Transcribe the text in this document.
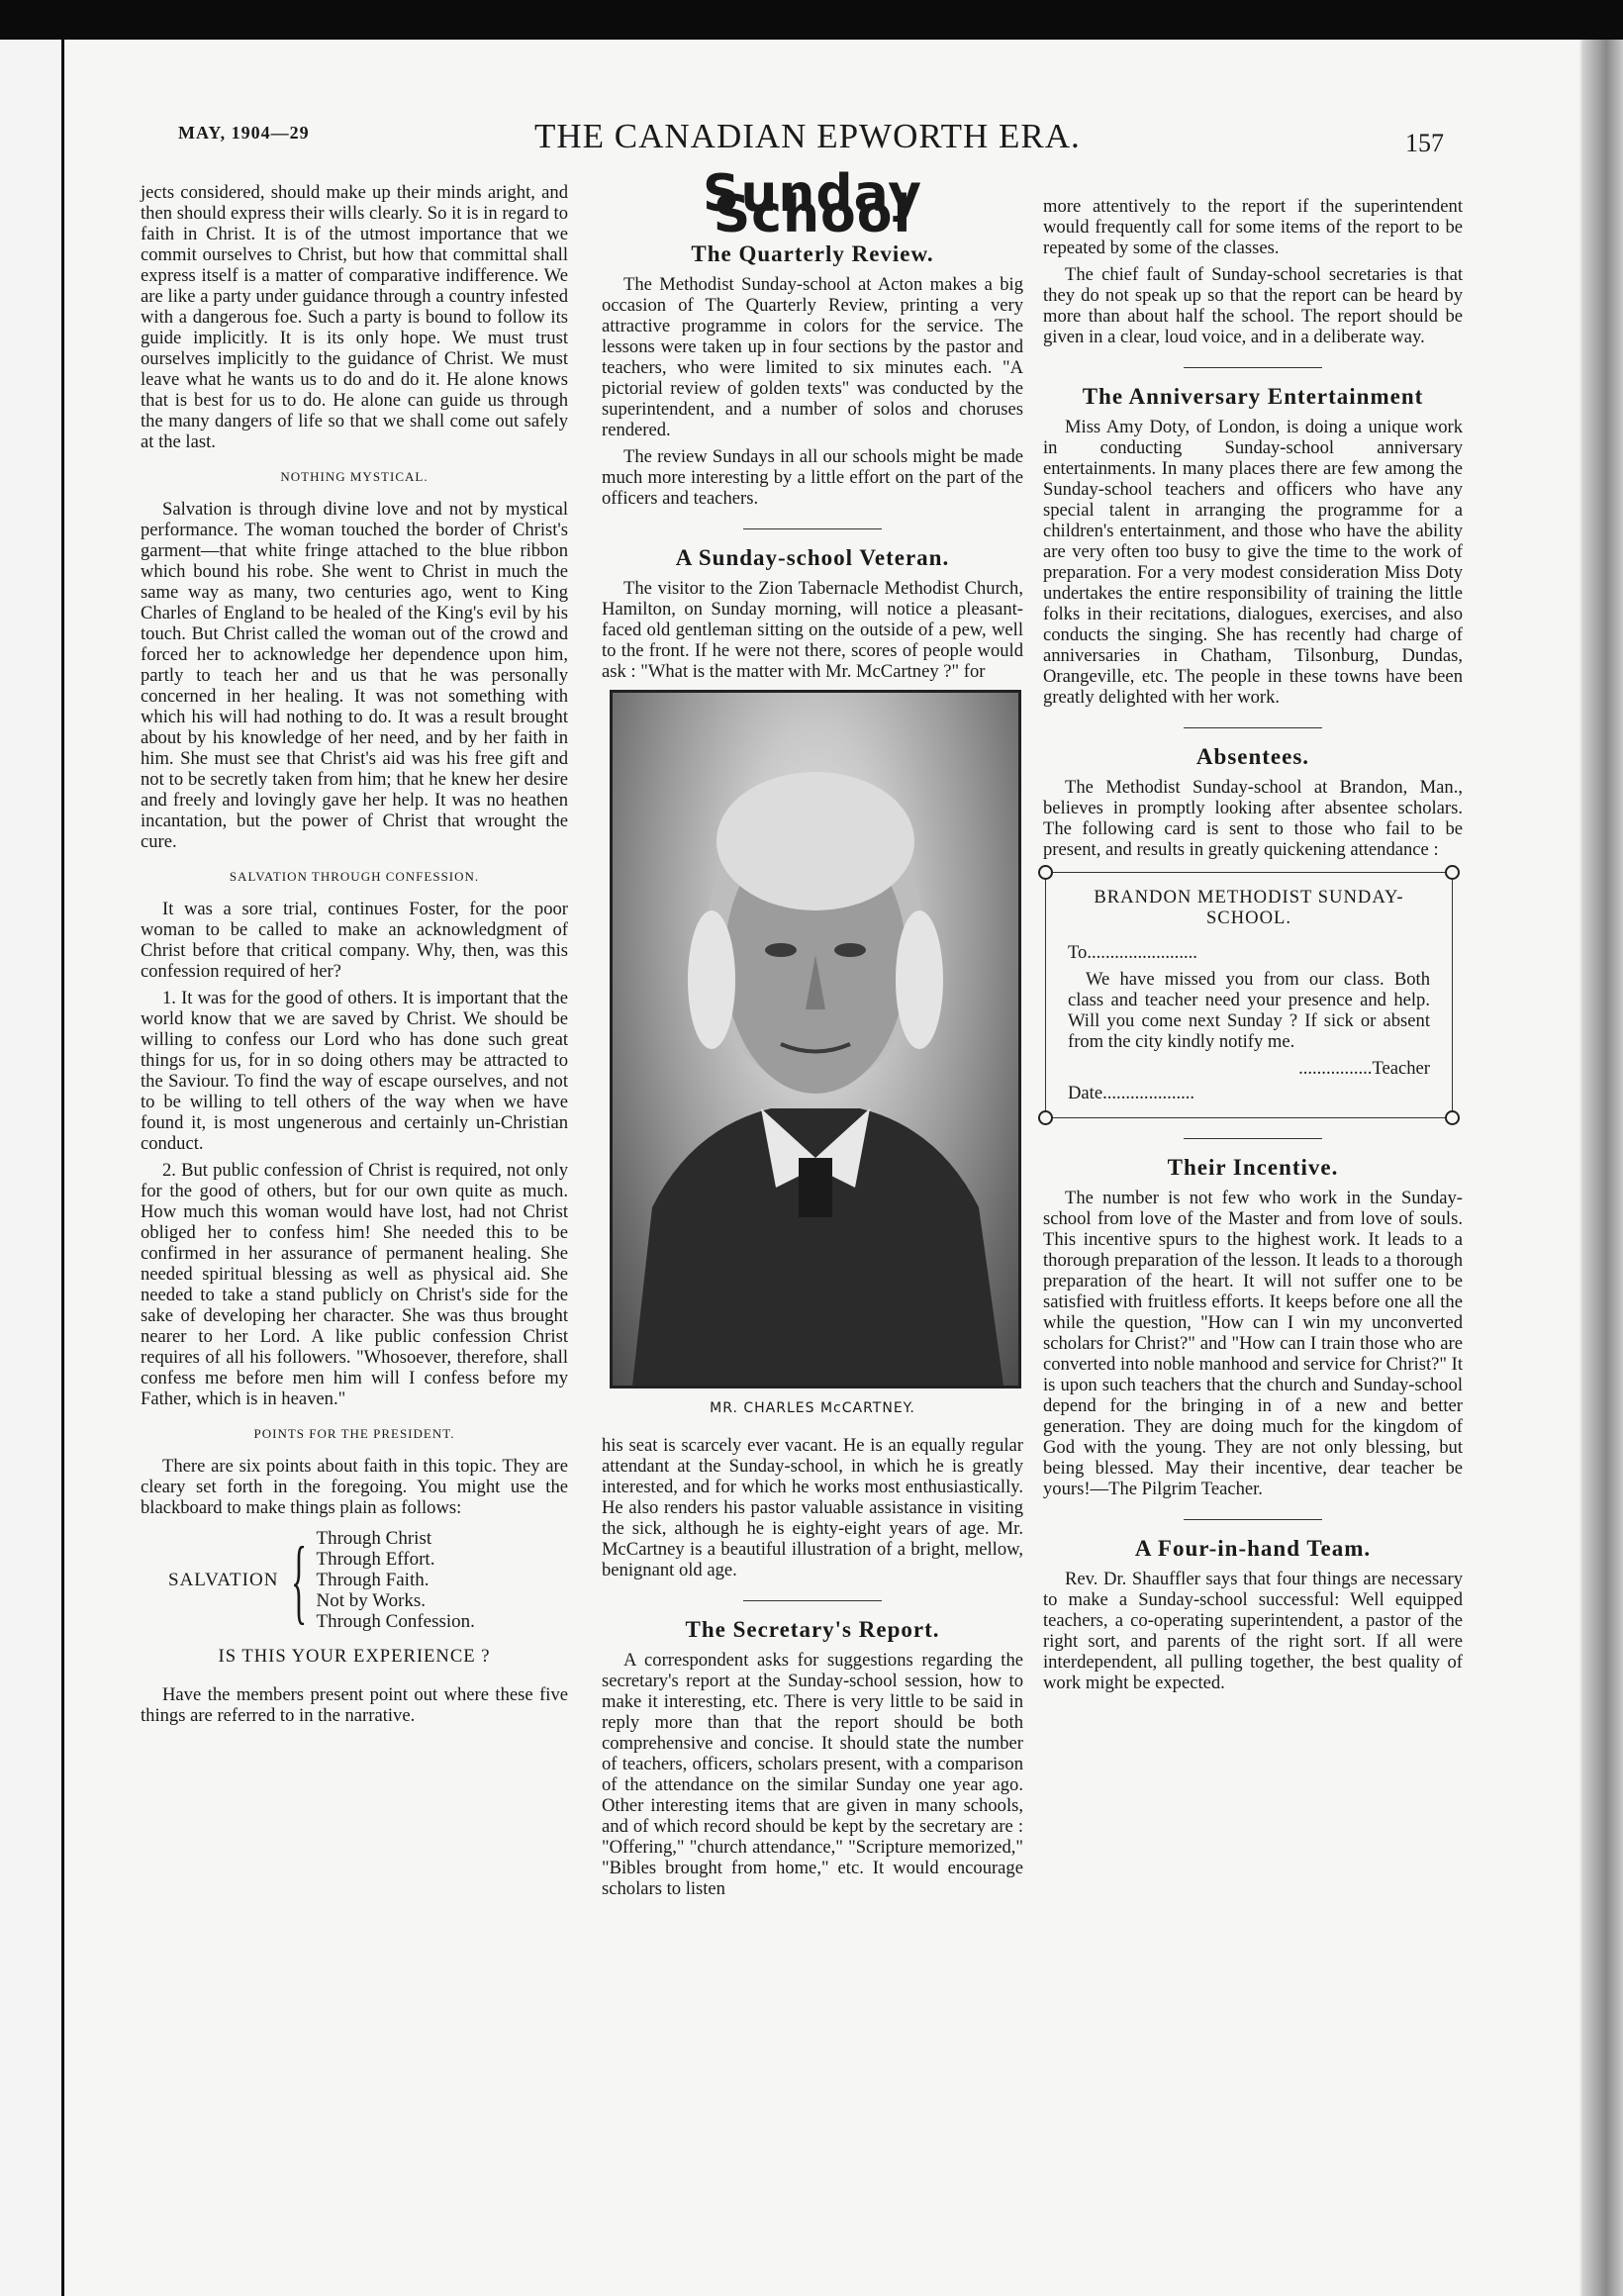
MAY, 1904—29	THE CANADIAN EPWORTH ERA.	157

jects considered, should make up their minds aright, and then should express their wills clearly. So it is in regard to faith in Christ. It is of the utmost importance that we commit ourselves to Christ, but how that committal shall express itself is a matter of comparative indifference. We are like a party under guidance through a country infested with a dangerous foe. Such a party is bound to follow its guide implicitly. It is its only hope. We must trust ourselves implicitly to the guidance of Christ. We must leave what he wants us to do and do it. He alone knows that is best for us to do. He alone can guide us through the many dangers of life so that we shall come out safely at the last.

NOTHING MYSTICAL.

Salvation is through divine love and not by mystical performance. The woman touched the border of Christ's garment—that white fringe attached to the blue ribbon which bound his robe. She went to Christ in much the same way as many, two centuries ago, went to King Charles of England to be healed of the King's evil by his touch. But Christ called the woman out of the crowd and forced her to acknowledge her dependence upon him, partly to teach her and us that he was personally concerned in her healing. It was not something with which his will had nothing to do. It was a result brought about by his knowledge of her need, and by her faith in him. She must see that Christ's aid was his free gift and not to be secretly taken from him; that he knew her desire and freely and lovingly gave her help. It was no heathen incantation, but the power of Christ that wrought the cure.

SALVATION THROUGH CONFESSION.

It was a sore trial, continues Foster, for the poor woman to be called to make an acknowledgment of Christ before that critical company. Why, then, was this confession required of her?

1. It was for the good of others. It is important that the world know that we are saved by Christ. We should be willing to confess our Lord who has done such great things for us, for in so doing others may be attracted to the Saviour. To find the way of escape ourselves, and not to be willing to tell others of the way when we have found it, is most ungenerous and certainly un-Christian conduct.

2. But public confession of Christ is required, not only for the good of others, but for our own quite as much. How much this woman would have lost, had not Christ obliged her to confess him! She needed this to be confirmed in her assurance of permanent healing. She needed spiritual blessing as well as physical aid. She needed to take a stand publicly on Christ's side for the sake of developing her character. She was thus brought nearer to her Lord. A like public confession Christ requires of all his followers. "Whosoever, therefore, shall confess me before men him will I confess before my Father, which is in heaven."

POINTS FOR THE PRESIDENT.

There are six points about faith in this topic. They are cleary set forth in the foregoing. You might use the blackboard to make things plain as follows:

SALVATION { Through Christ
Through Effort.
Through Faith.
Not by Works.
Through Confession.
IS THIS YOUR EXPERIENCE ?

Have the members present point out where these five things are referred to in the narrative.

Sunday School
The Quarterly Review.

The Methodist Sunday-school at Acton makes a big occasion of The Quarterly Review, printing a very attractive programme in colors for the service. The lessons were taken up in four sections by the pastor and teachers, who were limited to six minutes each. "A pictorial review of golden texts" was conducted by the superintendent, and a number of solos and choruses rendered.

The review Sundays in all our schools might be made much more interesting by a little effort on the part of the officers and teachers.

A Sunday-school Veteran.

The visitor to the Zion Tabernacle Methodist Church, Hamilton, on Sunday morning, will notice a pleasant-faced old gentleman sitting on the outside of a pew, well to the front. If he were not there, scores of people would ask : "What is the matter with Mr. McCartney ?" for

MR. CHARLES McCARTNEY.

his seat is scarcely ever vacant. He is an equally regular attendant at the Sunday-school, in which he is greatly interested, and for which he works most enthusiastically. He also renders his pastor valuable assistance in visiting the sick, although he is eighty-eight years of age. Mr. McCartney is a beautiful illustration of a bright, mellow, benignant old age.

The Secretary's Report.

A correspondent asks for suggestions regarding the secretary's report at the Sunday-school session, how to make it interesting, etc. There is very little to be said in reply more than that the report should be both comprehensive and concise. It should state the number of teachers, officers, scholars present, with a comparison of the attendance on the similar Sunday one year ago. Other interesting items that are given in many schools, and of which record should be kept by the secretary are : "Offering," "church attendance," "Scripture memorized," "Bibles brought from home," etc. It would encourage scholars to listen

more attentively to the report if the superintendent would frequently call for some items of the report to be repeated by some of the classes.

The chief fault of Sunday-school secretaries is that they do not speak up so that the report can be heard by more than about half the school. The report should be given in a clear, loud voice, and in a deliberate way.

The Anniversary Entertainment

Miss Amy Doty, of London, is doing a unique work in conducting Sunday-school anniversary entertainments. In many places there are few among the Sunday-school teachers and officers who have any special talent in arranging the programme for a children's entertainment, and those who have the ability are very often too busy to give the time to the work of preparation. For a very modest consideration Miss Doty undertakes the entire responsibility of training the little folks in their recitations, dialogues, exercises, and also conducts the singing. She has recently had charge of anniversaries in Chatham, Tilsonburg, Dundas, Orangeville, etc. The people in these towns have been greatly delighted with her work.

Absentees.

The Methodist Sunday-school at Brandon, Man., believes in promptly looking after absentee scholars. The following card is sent to those who fail to be present, and results in greatly quickening attendance :

BRANDON METHODIST SUNDAY-SCHOOL.
To........................

We have missed you from our class. Both class and teacher need your presence and help. Will you come next Sunday ? If sick or absent from the city kindly notify me.

................Teacher
Date....................
Their Incentive.

The number is not few who work in the Sunday-school from love of the Master and from love of souls. This incentive spurs to the highest work. It leads to a thorough preparation of the lesson. It leads to a thorough preparation of the heart. It will not suffer one to be satisfied with fruitless efforts. It keeps before one all the while the question, "How can I win my unconverted scholars for Christ?" and "How can I train those who are converted into noble manhood and service for Christ?" It is upon such teachers that the church and Sunday-school depend for the bringing in of a new and better generation. They are doing much for the kingdom of God with the young. They are not only blessing, but being blessed. May their incentive, dear teacher be yours!—The Pilgrim Teacher.

A Four-in-hand Team.

Rev. Dr. Shauffler says that four things are necessary to make a Sunday-school successful: Well equipped teachers, a co-operating superintendent, a pastor of the right sort, and parents of the right sort. If all were interdependent, all pulling together, the best quality of work might be expected.
